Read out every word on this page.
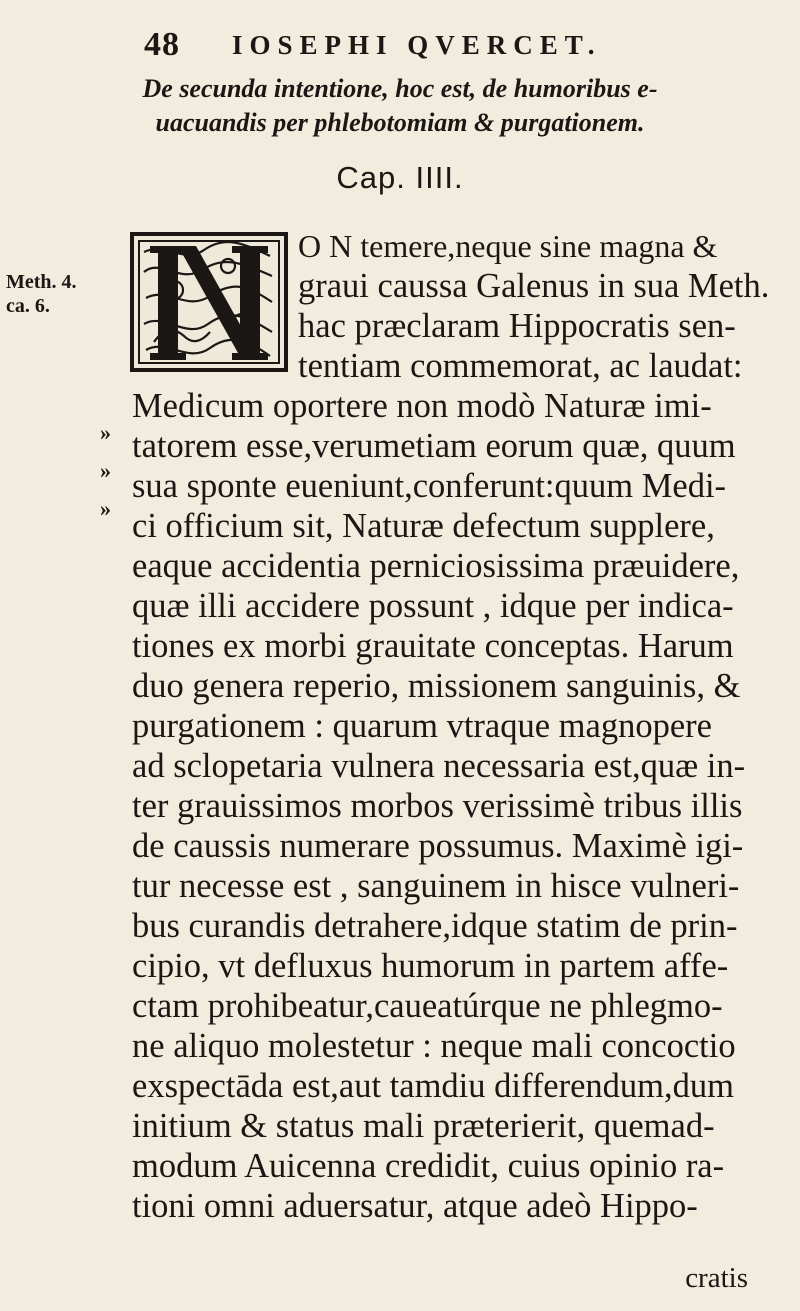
48 IOSEPHI QVERCET.
De secunda intentione, hoc est, de humoribus e-
uacuandis per phlebotomiam & purgationem.
Cap. IIII.
Meth. 4.
ca. 6.
»
»
»
O N temere,neque sine magna &
graui caussa Galenus in sua Meth.
hac præclaram Hippocratis sen-
tentiam commemorat, ac laudat:
Medicum oportere non modò Naturæ imi-
tatorem esse,verumetiam eorum quæ, quum
sua sponte eueniunt,conferunt:quum Medi-
ci officium sit, Naturæ defectum supplere,
eaque accidentia perniciosissima præuidere,
quæ illi accidere possunt , idque per indica-
tiones ex morbi grauitate conceptas. Harum
duo genera reperio, missionem sanguinis, &
purgationem : quarum vtraque magnopere
ad sclopetaria vulnera necessaria est,quæ in-
ter grauissimos morbos verissimè tribus illis
de caussis numerare possumus. Maximè igi-
tur necesse est , sanguinem in hisce vulneri-
bus curandis detrahere,idque statim de prin-
cipio, vt defluxus humorum in partem affe-
ctam prohibeatur,caueatúrque ne phlegmo-
ne aliquo molestetur : neque mali concoctio
exspectāda est,aut tamdiu differendum,dum
initium & status mali præterierit, quemad-
modum Auicenna credidit, cuius opinio ra-
tioni omni aduersatur, atque adeò Hippo-
cratis
